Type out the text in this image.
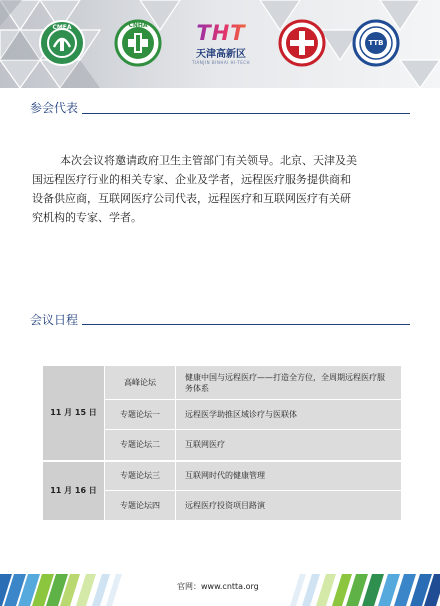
CMEA	CNHA	THT
天津高新区
TIANJIN BINHAI HI-TECH
TTB
参会代表
本次会议将邀请政府卫生主管部门有关领导。北京、天津及美
国远程医疗行业的相关专家、企业及学者，远程医疗服务提供商和
设备供应商，互联网医疗公司代表，远程医疗和互联网医疗有关研
究机构的专家、学者。
会议日程
11 月 15 日	高峰论坛	健康中国与远程医疗——打造全方位，全周期远程医疗服务体系
	专题论坛一	远程医学助推区域诊疗与医联体
	专题论坛二	互联网医疗
11 月 16 日	专题论坛三	互联网时代的健康管理
	专题论坛四	远程医疗投资项目路演
官网：www.cnttа.org
